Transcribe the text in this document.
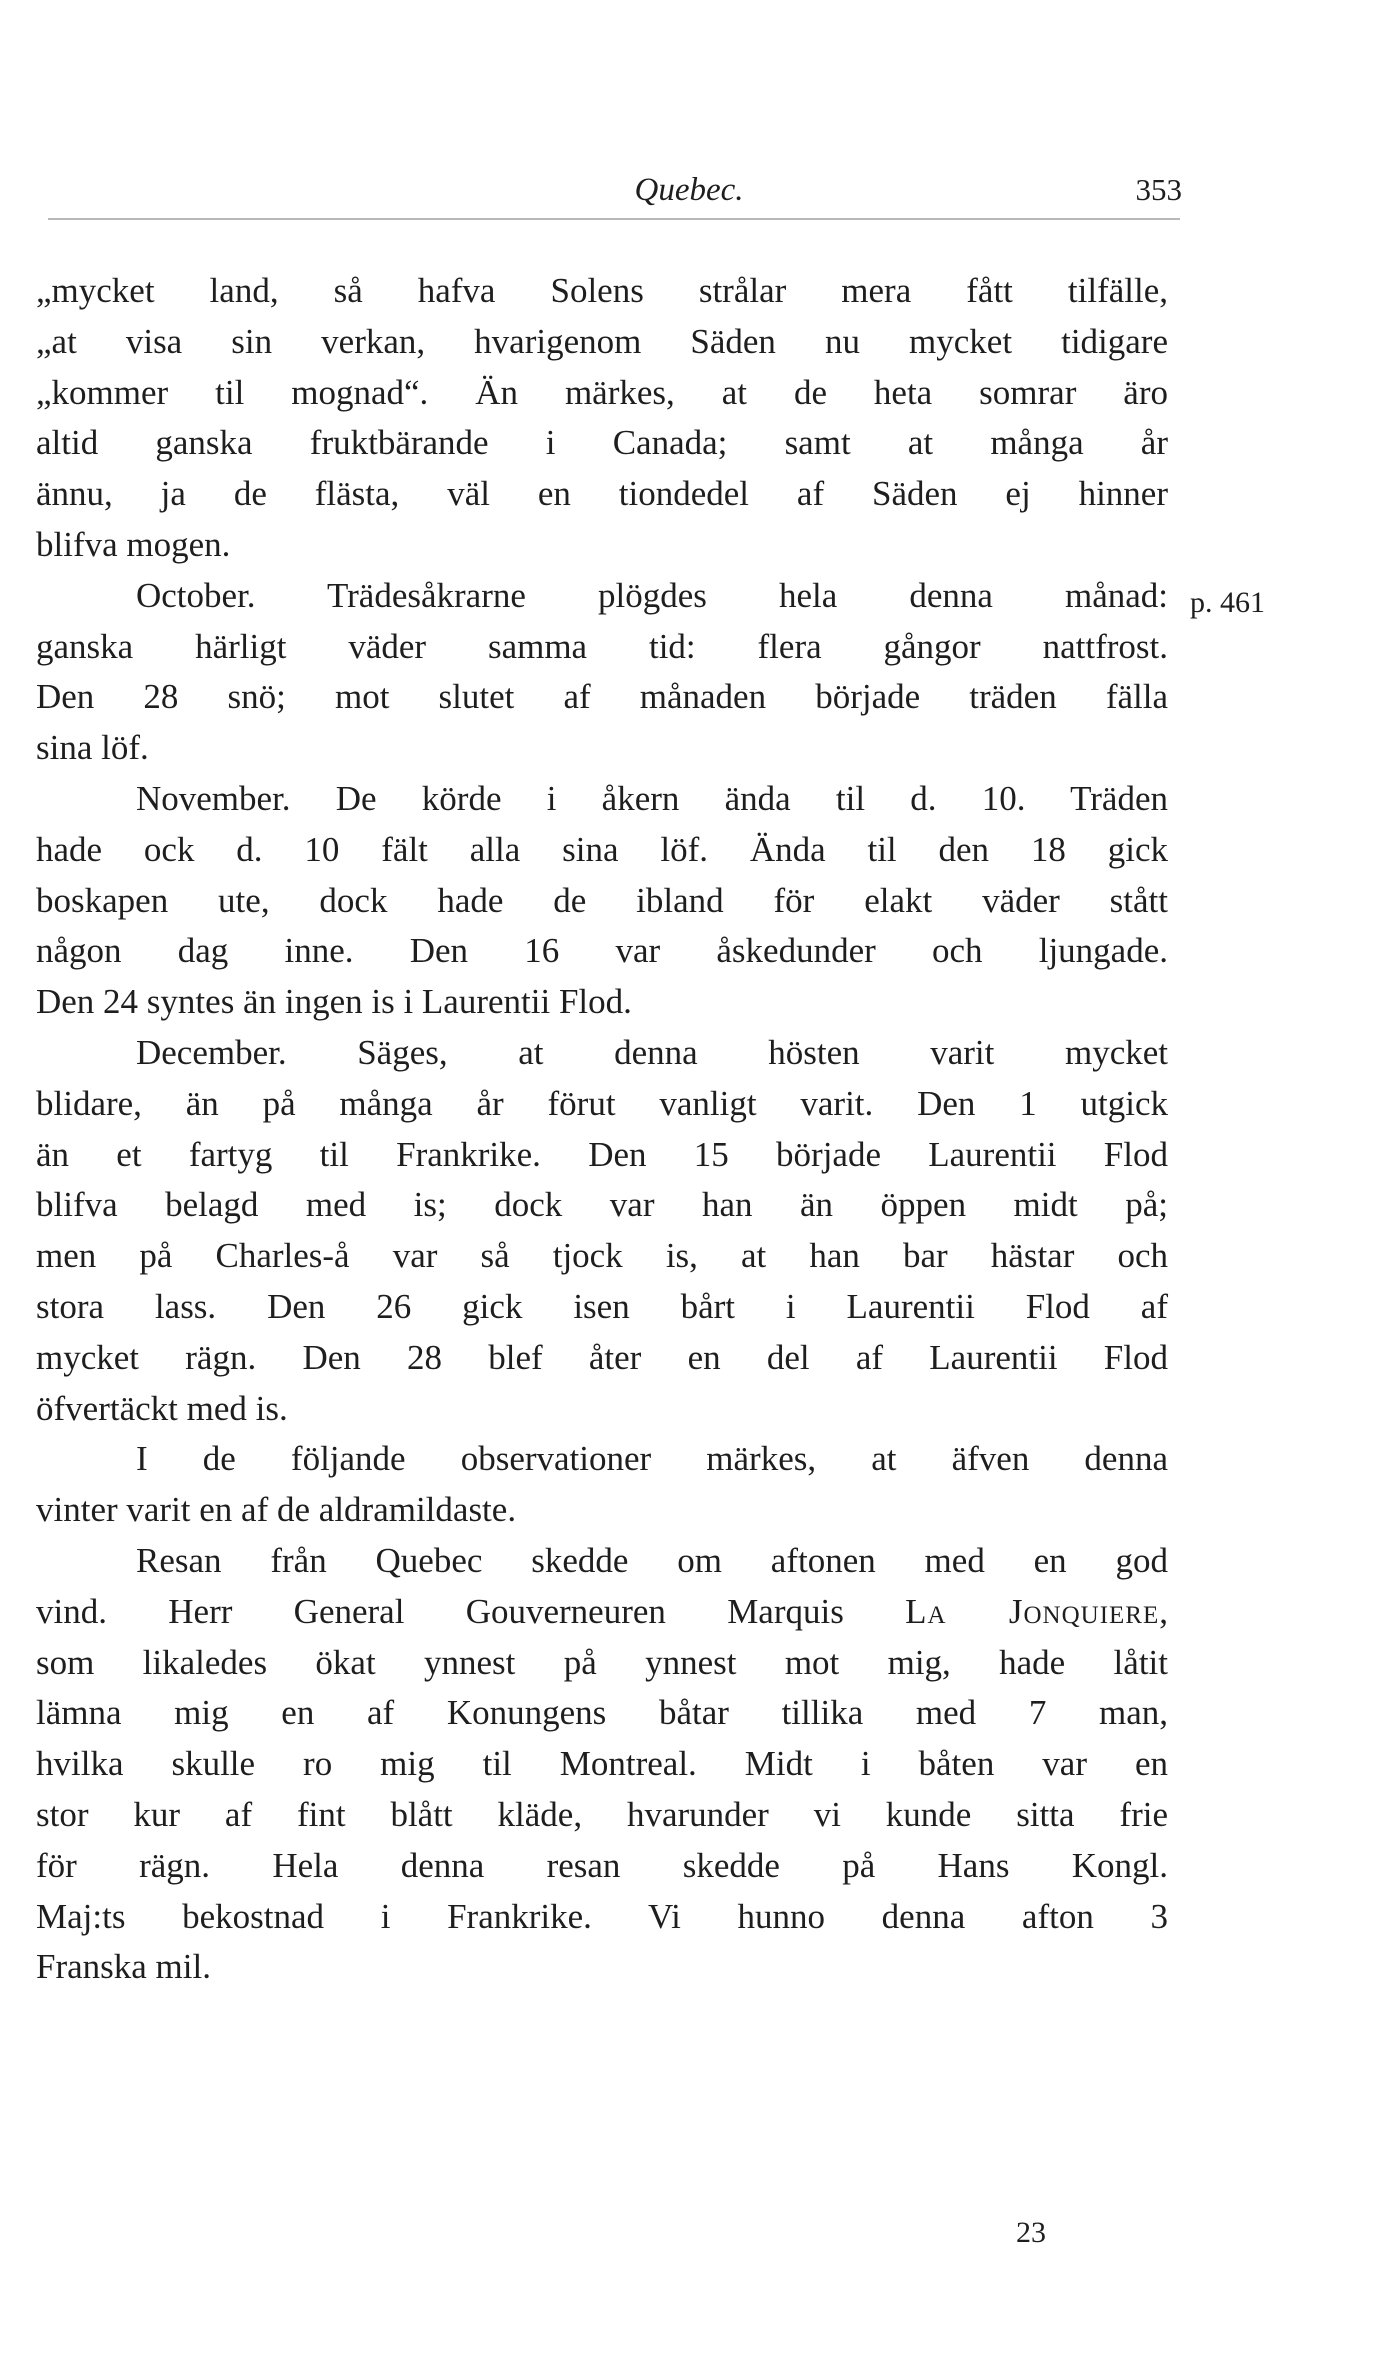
Quebec.	353
p. 461
„mycket land, så hafva Solens strålar mera fått tilfälle,
„at visa sin verkan, hvarigenom Säden nu mycket tidigare
„kommer til mognad“. Än märkes, at de heta somrar äro
altid ganska fruktbärande i Canada; samt at många år
ännu, ja de flästa, väl en tiondedel af Säden ej hinner
blifva mogen.
October. Trädesåkrarne plögdes hela denna månad:
ganska härligt väder samma tid: flera gångor nattfrost.
Den 28 snö; mot slutet af månaden började träden fälla
sina löf.
November. De körde i åkern ända til d. 10. Träden
hade ock d. 10 fält alla sina löf. Ända til den 18 gick
boskapen ute, dock hade de ibland för elakt väder stått
någon dag inne. Den 16 var åskedunder och ljungade.
Den 24 syntes än ingen is i Laurentii Flod.
December. Säges, at denna hösten varit mycket
blidare, än på många år förut vanligt varit. Den 1 utgick
än et fartyg til Frankrike. Den 15 började Laurentii Flod
blifva belagd med is; dock var han än öppen midt på;
men på Charles-å var så tjock is, at han bar hästar och
stora lass. Den 26 gick isen bårt i Laurentii Flod af
mycket rägn. Den 28 blef åter en del af Laurentii Flod
öfvertäckt med is.
I de följande observationer märkes, at äfven denna
vinter varit en af de aldramildaste.
Resan från Quebec skedde om aftonen med en god
vind. Herr General Gouverneuren Marquis La Jonquiere,
som likaledes ökat ynnest på ynnest mot mig, hade låtit
lämna mig en af Konungens båtar tillika med 7 man,
hvilka skulle ro mig til Montreal. Midt i båten var en
stor kur af fint blått kläde, hvarunder vi kunde sitta frie
för rägn. Hela denna resan skedde på Hans Kongl.
Maj:ts bekostnad i Frankrike. Vi hunno denna afton 3
Franska mil.
23
